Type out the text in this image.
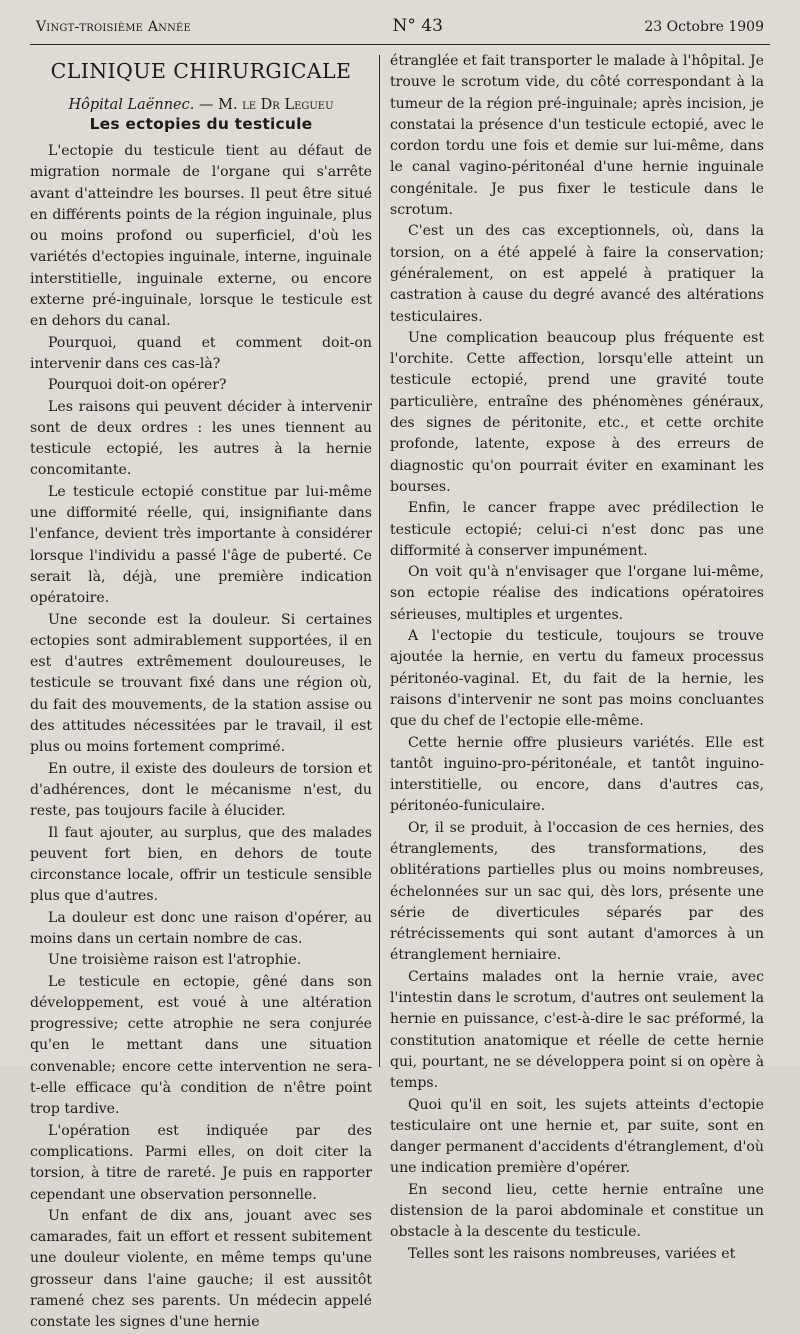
Vingt-troisième Année	N° 43	23 Octobre 1909
CLINIQUE CHIRURGICALE
Hôpital Laënnec. — M. le Dr Legueu
Les ectopies du testicule

L'ectopie du testicule tient au défaut de migration normale de l'organe qui s'arrête avant d'atteindre les bourses. Il peut être situé en différents points de la région inguinale, plus ou moins profond ou superficiel, d'où les variétés d'ectopies inguinale, interne, inguinale interstitielle, inguinale externe, ou encore externe pré-inguinale, lorsque le testicule est en dehors du canal.

Pourquoi, quand et comment doit-on intervenir dans ces cas-là?

Pourquoi doit-on opérer?

Les raisons qui peuvent décider à intervenir sont de deux ordres : les unes tiennent au testicule ectopié, les autres à la hernie concomitante.

Le testicule ectopié constitue par lui-même une difformité réelle, qui, insignifiante dans l'enfance, devient très importante à considérer lorsque l'individu a passé l'âge de puberté. Ce serait là, déjà, une première indication opératoire.

Une seconde est la douleur. Si certaines ectopies sont admirablement supportées, il en est d'autres extrêmement douloureuses, le testicule se trouvant fixé dans une région où, du fait des mouvements, de la station assise ou des attitudes nécessitées par le travail, il est plus ou moins fortement comprimé.

En outre, il existe des douleurs de torsion et d'adhérences, dont le mécanisme n'est, du reste, pas toujours facile à élucider.

Il faut ajouter, au surplus, que des malades peuvent fort bien, en dehors de toute circonstance locale, offrir un testicule sensible plus que d'autres.

La douleur est donc une raison d'opérer, au moins dans un certain nombre de cas.

Une troisième raison est l'atrophie.

Le testicule en ectopie, gêné dans son développement, est voué à une altération progressive; cette atrophie ne sera conjurée qu'en le mettant dans une situation convenable; encore cette intervention ne sera-t-elle efficace qu'à condition de n'être point trop tardive.

L'opération est indiquée par des complications. Parmi elles, on doit citer la torsion, à titre de rareté. Je puis en rapporter cependant une observation personnelle.

Un enfant de dix ans, jouant avec ses camarades, fait un effort et ressent subitement une douleur violente, en même temps qu'une grosseur dans l'aine gauche; il est aussitôt ramené chez ses parents. Un médecin appelé constate les signes d'une hernie

étranglée et fait transporter le malade à l'hôpital. Je trouve le scrotum vide, du côté correspondant à la tumeur de la région pré-inguinale; après incision, je constatai la présence d'un testicule ectopié, avec le cordon tordu une fois et demie sur lui-même, dans le canal vagino-péritonéal d'une hernie inguinale congénitale. Je pus fixer le testicule dans le scrotum.

C'est un des cas exceptionnels, où, dans la torsion, on a été appelé à faire la conservation; généralement, on est appelé à pratiquer la castration à cause du degré avancé des altérations testiculaires.

Une complication beaucoup plus fréquente est l'orchite. Cette affection, lorsqu'elle atteint un testicule ectopié, prend une gravité toute particulière, entraîne des phénomènes généraux, des signes de péritonite, etc., et cette orchite profonde, latente, expose à des erreurs de diagnostic qu'on pourrait éviter en examinant les bourses.

Enfin, le cancer frappe avec prédilection le testicule ectopié; celui-ci n'est donc pas une difformité à conserver impunément.

On voit qu'à n'envisager que l'organe lui-même, son ectopie réalise des indications opératoires sérieuses, multiples et urgentes.

A l'ectopie du testicule, toujours se trouve ajoutée la hernie, en vertu du fameux processus péritonéo-vaginal. Et, du fait de la hernie, les raisons d'intervenir ne sont pas moins concluantes que du chef de l'ectopie elle-même.

Cette hernie offre plusieurs variétés. Elle est tantôt inguino-pro-péritonéale, et tantôt inguino-interstitielle, ou encore, dans d'autres cas, péritonéo-funiculaire.

Or, il se produit, à l'occasion de ces hernies, des étranglements, des transformations, des oblitérations partielles plus ou moins nombreuses, échelonnées sur un sac qui, dès lors, présente une série de diverticules séparés par des rétrécissements qui sont autant d'amorces à un étranglement herniaire.

Certains malades ont la hernie vraie, avec l'intestin dans le scrotum, d'autres ont seulement la hernie en puissance, c'est-à-dire le sac préformé, la constitution anatomique et réelle de cette hernie qui, pourtant, ne se développera point si on opère à temps.

Quoi qu'il en soit, les sujets atteints d'ectopie testiculaire ont une hernie et, par suite, sont en danger permanent d'accidents d'étranglement, d'où une indication première d'opérer.

En second lieu, cette hernie entraîne une distension de la paroi abdominale et constitue un obstacle à la descente du testicule.

Telles sont les raisons nombreuses, variées et
